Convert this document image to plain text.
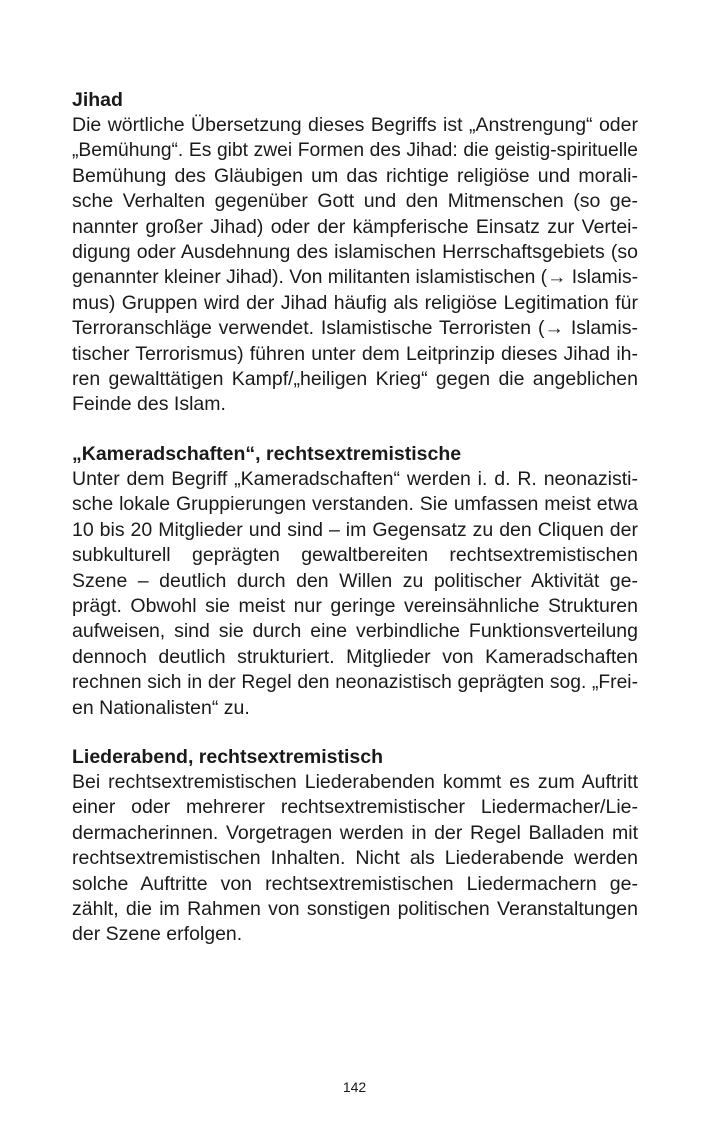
Jihad
Die wörtliche Übersetzung dieses Begriffs ist „Anstrengung“ oder
„Bemühung“. Es gibt zwei Formen des Jihad: die geistig-spirituelle
Bemühung des Gläubigen um das richtige religiöse und morali-
sche Verhalten gegenüber Gott und den Mitmenschen (so ge-
nannter großer Jihad) oder der kämpferische Einsatz zur Vertei-
digung oder Ausdehnung des islamischen Herrschaftsgebiets (so
genannter kleiner Jihad). Von militanten islamistischen (→ Islamis-
mus) Gruppen wird der Jihad häufig als religiöse Legitimation für
Terroranschläge verwendet. Islamistische Terroristen (→ Islamis-
tischer Terrorismus) führen unter dem Leitprinzip dieses Jihad ih-
ren gewalttätigen Kampf/„heiligen Krieg“ gegen die angeblichen
Feinde des Islam.
„Kameradschaften“, rechtsextremistische
Unter dem Begriff „Kameradschaften“ werden i. d. R. neonazisti-
sche lokale Gruppierungen verstanden. Sie umfassen meist etwa
10 bis 20 Mitglieder und sind – im Gegensatz zu den Cliquen der
subkulturell geprägten gewaltbereiten rechtsextremistischen
Szene – deutlich durch den Willen zu politischer Aktivität ge-
prägt. Obwohl sie meist nur geringe vereinsähnliche Strukturen
aufweisen, sind sie durch eine verbindliche Funktionsverteilung
dennoch deutlich strukturiert. Mitglieder von Kameradschaften
rechnen sich in der Regel den neonazistisch geprägten sog. „Frei-
en Nationalisten“ zu.
Liederabend, rechtsextremistisch
Bei rechtsextremistischen Liederabenden kommt es zum Auftritt
einer oder mehrerer rechtsextremistischer Liedermacher/Lie-
dermacherinnen. Vorgetragen werden in der Regel Balladen mit
rechtsextremistischen Inhalten. Nicht als Liederabende werden
solche Auftritte von rechtsextremistischen Liedermachern ge-
zählt, die im Rahmen von sonstigen politischen Veranstaltungen
der Szene erfolgen.
142
